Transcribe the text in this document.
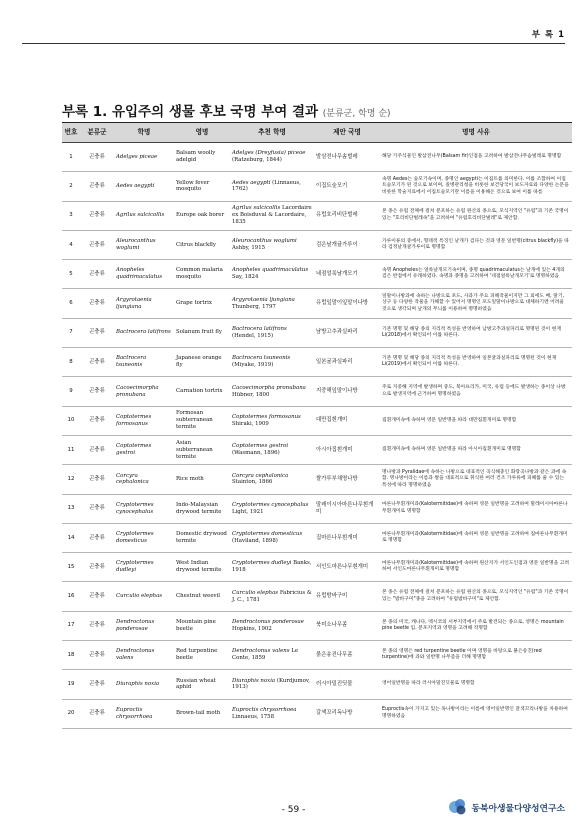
부 록 1
부록 1. 유입주의 생물 후보 국명 부여 결과 (분류군, 학명 순)
번호	분류군	학명	영명	추천 학명	제안 국명	명명 사유
1	곤충류	Adelges piceae	Balsam woolly adelgid	Adelges (Dreyfusia) piceae (Ratzeburg, 1844)	발삼전나무솜벌레	해당 기주식물인 발삼전나무(Balsam fir)인점을 고려하여 발삼전나무솜벌레로 명명함
2	곤충류	Aedes aegypti	Yellow fever mosquito	Aedes aegypti (Linnaeus, 1762)	이집트숲모기	속명 Aedes는 숲모기속이며, 종명인 aegypti는 이집트를 의미한다. 이를 조합하여 이집트숲모기가 된 것으로 보이며, 질병관리청을 비롯한 보건당국이 보도자료와 다양한 논문을 비롯한 학술지료에서 이집트숲모기란 이름을 이용해온 것으로 보여 이를 따름
3	곤충류	Agrilus sulcicollis	Europe oak borer	Agrilus sulcicollis Lacordaire ex Boisduval & Lacordaire, 1835	유럽호리비단벌레	본 종은 유럽 전체에 걸쳐 분포하는 유럽 원산의 종으로, 모식지역인 "유럽"과 기존 국명이 있는 "호리비단벌레속"을 고려하여 "유럽호리비단벌레"로 제안함.
4	곤충류	Aleurocanthus woglumi	Citrus blackfly	Aleurocanthus woglumi Ashby, 1915	검은날개귤가루이	가루이류의 중에서, 형태적 특징인 날개가 검다는 것과 영문 일반명(citrus blackfly)을 따라 검정날개귤가루이로 명명함
5	곤충류	Anopheles quadrimaculatus	Common malaria mosquito	Anopheles quadrimaculatus Say, 1824	네점얼룩날개모기	속명 Anopheles는 얼룩날개모기속이며, 종명 quadrimaculatus는 날개에 있는 4개의 검은 반점에서 유래하였다. 속명과 종명을 고려하여 '네점얼룩날개모기'로 명명하였음
6	곤충류	Argyrotaenia ljungiana	Grape tortrix	Argyrotaenia ljungiana Thunberg, 1797	유럽잎말이잎말이나방	잎말이나방과에 속하는 나방으로 포도, 사과가 주요 피해작물이지만 그 외에도 배, 딸기, 상구 등 다양한 작물을 가해할 수 있어서 명명인 포도잎말이나방으로 대체하기엔 어려울 것으로 생각되며 날개의 무늬를 이용하여 명명하였음
7	곤충류	Bactrocera latifrons	Solanum fruit fly	Bactrocera latifrons (Hendel, 1915)	남방고추과실파리	기존 명명 및 해당 종의 지리적 특성을 반영하여 남방고추과실파리로 명명된 것이 현재 Li(2018)에서 확인되어 이를 따른다.
8	곤충류	Bactrocera tsuneonis	Japanese orange fly	Bactrocera tsuneonis (Miyake, 1919)	일본귤과실파리	기존 명명 및 해당 종의 지리적 특성을 반영하여 일본귤과실파리로 명명된 것이 현재 Li(2019)에서 확인되어 이를 따른다.
9	곤충류	Cacoecimorpha pronubana	Carnation tortrix	Cacoecimorpha pronubana Hübner, 1800	지중해잎말이나방	주로 지중해 지역에 발생하며 중도, 북아프리카, 미국, 유럽 등에도 발생하는 종이상 나방으로 발생지역에 근거하여 명명하였음
10	곤충류	Coptotermes formosanus	Formosan subterranean termite	Coptotermes formosanus Shiraki, 1909	대만집흰개미	집흰개미속에 속하며 영문 일반명을 따라 대만집흰개미로 명명함
11	곤충류	Coptotermes gestroi	Asian subterranean termite	Coptotermes gestroi (Wasmann, 1896)	아시아집흰개미	집흰개미속에 속하며 영문 일반명을 따라 아시아집흰개미로 명명함
12	곤충류	Corcyra cephalonica	Rice moth	Corcyra cephalonica Stainton, 1866	쌀가루부채명나방	명나방과 Pyralidae에 속하는 나방으로 대표적인 곡식해충인 화랑곡나방과 같은 과에 속함. 명나방이라는 이름과 쌀을 대표적으로 취식한 여러 건조 가루류에 피해를 줄 수 있는 특성에 따라 명명하였음
13	곤충류	Cryptotermes cynocephalus	Indo-Malaysian drywood termite	Cryptotermes cynocephalus Light, 1921	말레이시아마른나무흰개미	마른나무흰개미과(Kalotermitidae)에 속하며 영문 일반명을 고려하여 말레이시아마른나무흰개미로 명명함
14	곤충류	Cryptotermes domesticus	Domestic drywood termite	Cryptotermes domesticus (Haviland, 1898)	집마른나무흰개미	마른나무흰개미과(Kalotermitidae)에 속하며 영문 일반명을 고려하여 집마른나무흰개미로 명명함
15	곤충류	Cryptotermes dudleyi	West Indian drywood termite	Cryptotermes dudleyi Banks, 1918	서인도마른나무흰개미	마른나무흰개미과(Kalotermitidae)에 속하며 원산지가 서인도인점과 영문 일반명을 고려하여 서인도마른나무흰개미로 명명함
16	곤충류	Curculio elephas	Chestnut weevil	Curculio elephas Fabricius & J. C., 1781	유럽밤바구미	본 종은 유럽 전체에 걸쳐 분포하는 유럽 원산의 종으로, 모식지역인 "유럽"과 기존 국명이 있는 "밤바구미"종을 고려하여 "유럽밤바구미"로 제안함.
17	곤충류	Dendroctonus ponderosae	Mountain pine beetle	Dendroctonus ponderosae Hopkins, 1902	북미소나무좀	본 종의 미국, 캐나다, 멕시코의 서부지역에서 주로 발견되는 종으로, 영명은 mountain pine beetle 임. 분포지역과 영명을 고려해 작명함
18	곤충류	Dendroctonus valens	Red turpentine beetle	Dendroctonus valens Le Conte, 1859	붉은송진나무좀	본 종의 영명은 red turpentine beetle 이며 영명을 바탕으로 붉은송진(red turpentine)에 과와 일반명 나무좀을 더해 명명함
19	곤충류	Diuraphis noxia	Russian wheat aphid	Diuraphis noxia (Kurdjumov, 1913)	러시아밀진딧물	영어일반명을 따라 러시아밀진딧물로 명명함
20	곤충류	Euproctis chrysorrhoea	Brown-tail moth	Euproctis chrysorrhoea Linnaeus, 1758	갈색꼬리독나방	Euproctis속이 가지고 있는 독나방이라는 이름에 영어일반명인 갈색꼬리나방을 차용하여 명명하였음
- 59 -	동북아생물다양성연구소
